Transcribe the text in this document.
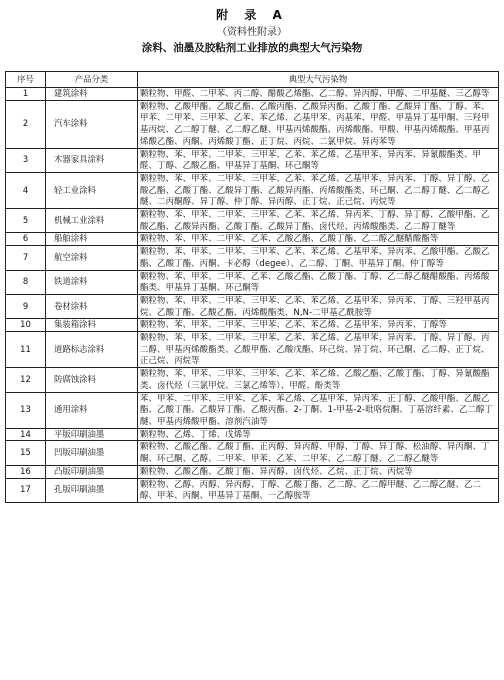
附 录 A
（资料性附录）
涂料、油墨及胶粘剂工业排放的典型大气污染物
序号	产品分类	典型大气污染物
1	建筑涂料	颗粒物、甲醛、二甲苯、丙二醇、醋酸乙烯酯、乙二醇、异丙醇、甲醇、二甲基醚、三乙醇等
2	汽车涂料	颗粒物、乙酸甲酯、乙酸乙酯、乙酸丙酯、乙酸异丙酯、乙酸丁酯、乙酸异丁酯、丁醇、苯、甲苯、二甲苯、三甲苯、乙苯、苯乙烯、乙基甲苯、丙基苯、甲醛、甲基异丁基甲酮、三羟甲基丙烷、乙二醇丁醚、乙二醇乙醚、甲基丙烯酸酯、丙烯酸酯、甲酸、甲基丙烯酸酯、甲基丙烯酸乙酯、丙酮、丙烯酸丁酯、正丁烷、丙烷、二氯甲烷、异丙苯等
3	木器家具涂料	颗粒物、苯、甲苯、二甲苯、三甲苯、乙苯、苯乙烯、乙基甲苯、异丙苯、异氰酸酯类、甲醛、丁醇、乙酸乙酯、甲基异丁基酮、环己酮等
4	轻工业涂料	颗粒物、苯、甲苯、二甲苯、三甲苯、乙苯、苯乙烯、乙基甲苯、异丙苯、丁醇、异丁醇、乙酸乙酯、乙酸丁酯、乙酸异丁酯、乙酸异丙酯、丙烯酸酯类、环己酮、乙二醇丁醚、乙二醇乙醚、二丙酮醇、异丁醇、仲丁醇、异丙醇、正丁烷、正己烷、丙烷等
5	机械工业涂料	颗粒物、苯、甲苯、二甲苯、三甲苯、乙苯、苯乙烯、异丙苯、丁醇、异丁醇、乙酸甲酯、乙酸乙酯、乙酸异丙酯、乙酸丁酯、乙酸异丁酯、卤代烃、丙烯酸酯类、乙二醇丁醚等
6	船舶涂料	颗粒物、苯、甲苯、二甲苯、乙苯、乙酸乙酯、乙酸丁酯、乙二醇乙醚醋酸酯等
7	航空涂料	颗粒物、苯、甲苯、二甲苯、三甲苯、乙苯、苯乙烯、乙基甲苯、异丙苯、乙酸甲酯、乙酸乙酯、乙酸丁酯、丙酮、卡必醇（degee）、乙二醇、丁酮、甲基异丁酮、仲丁醇等
8	铁道涂料	颗粒物、苯、甲苯、二甲苯、乙苯、乙酸乙酯、乙酸丁酯、丁醇、乙二醇乙醚醋酸酯、丙烯酸酯类、甲基异丁基酮、环己酮等
9	卷材涂料	颗粒物、苯、甲苯、二甲苯、三甲苯、乙苯、苯乙烯、乙基甲苯、异丙苯、丁醇、三羟甲基丙烷、乙酸丁酯、乙酸乙酯、丙烯酸酯类、N,N-二甲基乙酰胺等
10	集装箱涂料	颗粒物、苯、甲苯、二甲苯、三甲苯、乙苯、苯乙烯、乙基甲苯、异丙苯、丁醇等
11	道路标志涂料	颗粒物、苯、甲苯、二甲苯、三甲苯、乙苯、苯乙烯、乙基甲苯、异丙苯、丁醇、异丁醇、丙二醇、甲基丙烯酸酯类、乙酸甲酯、乙酸戊酯、环己烷、异丁烷、环己酮、乙二醇、正丁烷、正己烷、丙烷等
12	防腐蚀涂料	颗粒物、苯、甲苯、二甲苯、三甲苯、乙苯、苯乙烯、乙酸乙酯、乙酸丁酯、丁醇、异氰酸酯类、卤代烃（三氯甲烷、三氯乙烯等）、甲醛、酚类等
13	通用涂料	苯、甲苯、二甲苯、三甲苯、乙苯、苯乙烯、乙基甲苯、异丙苯、正丁醇、乙酸甲酯、乙酸乙酯、乙酸丁酯、乙酸异丁酯、乙酸丙酯、2-丁酮、1-甲基-2-吡咯烷酮、丁基溶纤素、乙二醇丁醚、甲基丙烯酸甲酯、溶剂汽油等
14	平版印刷油墨	颗粒物、乙烯、丁烯、戊烯等
15	凹版印刷油墨	颗粒物、乙酸乙酯、乙酸丁酯、正丙醇、异丙醇、甲醇、丁醇、异丁醇、松油醇、异丙酮、丁酮、环己酮、乙醇、二甲苯、甲苯、乙苯、二甲苯、乙二醇丁醚、乙二醇乙醚等
16	凸版印刷油墨	颗粒物、乙酸乙酯、乙酸丁酯、异丙醇、卤代烃、乙烷、正丁烷、丙烷等
17	孔版印刷油墨	颗粒物、乙醇、丙醇、异丙醇、丁醇、乙酸丁酯、乙二醇、乙二醇甲醚、乙二醇乙醚、乙二醇、甲苯、丙酮、甲基异丁基酮、一乙醇胺等
